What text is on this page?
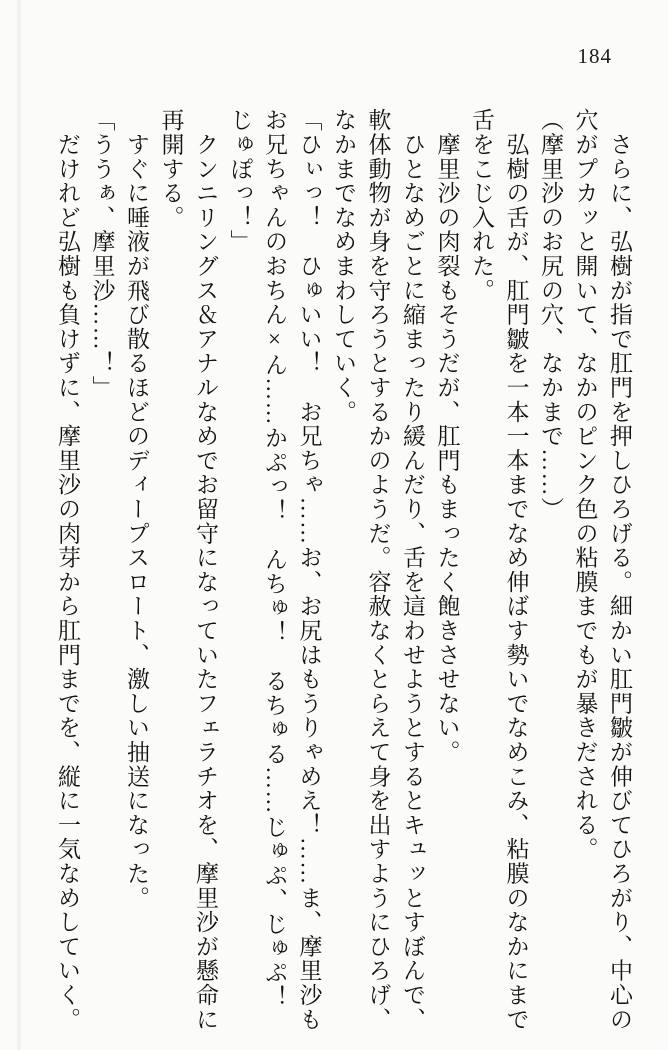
184
　さらに、弘樹が指で肛門を押しひろげる。細かい肛門皺が伸びてひろがり、中心の
穴がプカッと開いて、なかのピンク色の粘膜までもが暴きだされる。
（摩里沙のお尻の穴、なかまで……）
　弘樹の舌が、肛門皺を一本一本までなめ伸ばす勢いでなめこみ、粘膜のなかにまで
舌をこじ入れた。
　摩里沙の肉裂もそうだが、肛門もまったく飽きさせない。
　ひとなめごとに縮まったり緩んだり、舌を這わせようとするとキュッとすぼんで、
軟体動物が身を守ろうとするかのようだ。容赦なくとらえて身を出すようにひろげ、
なかまでなめまわしていく。
「ひぃっ！　ひゅいい！　お兄ちゃ……お、お尻はもうりゃめえ！……ま、摩里沙も
お兄ちゃんのおちん×ん……かぷっ！　んちゅ！　るちゅる……じゅぷ、じゅぷ！
じゅぽっ！」
　クンニリングス＆アナルなめでお留守になっていたフェラチオを、摩里沙が懸命に
再開する。
　すぐに唾液が飛び散るほどのディープスロート、激しい抽送になった。
「ううぁ、摩里沙……！」
　だけれど弘樹も負けずに、摩里沙の肉芽から肛門までを、縦に一気なめしていく。
